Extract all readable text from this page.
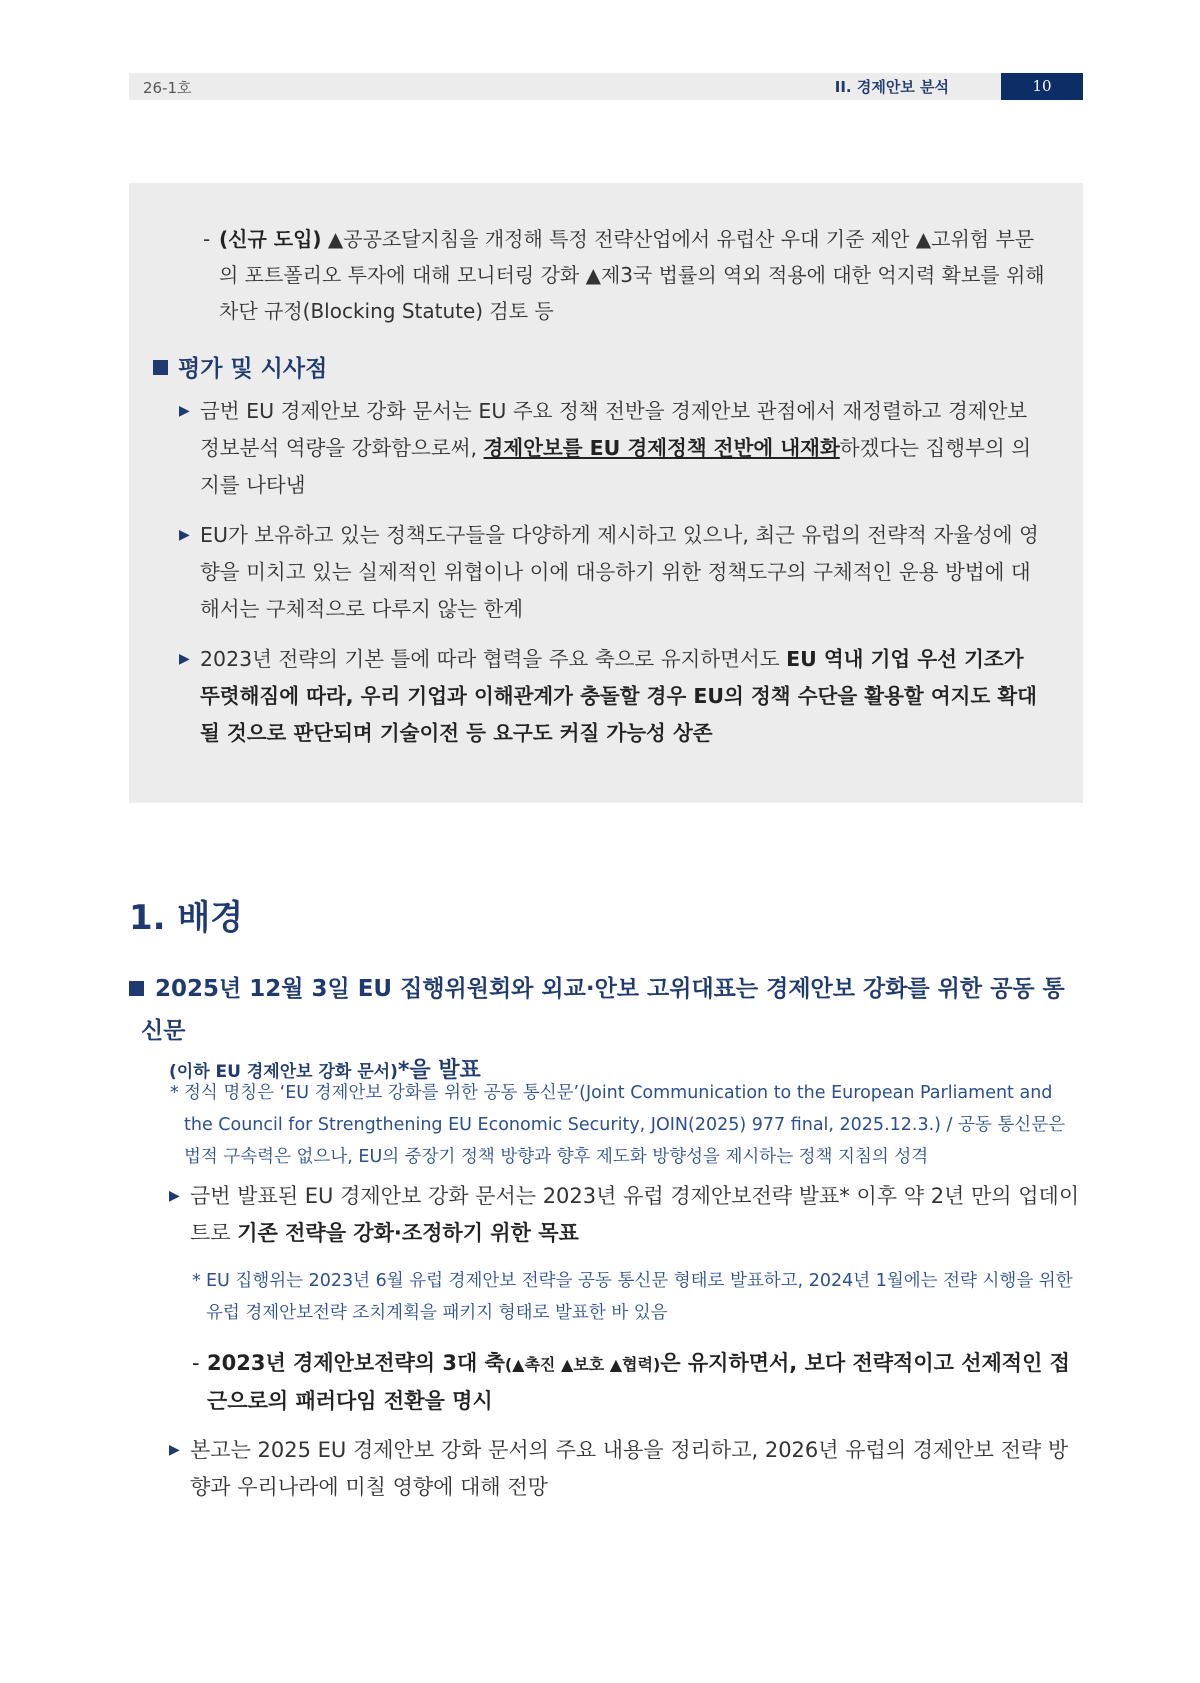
26-1호	II. 경제안보 분석	10
- (신규 도입) ▲공공조달지침을 개정해 특정 전략산업에서 유럽산 우대 기준 제안 ▲고위험 부문의 포트폴리오 투자에 대해 모니터링 강화 ▲제3국 법률의 역외 적용에 대한 억지력 확보를 위해 차단 규정(Blocking Statute) 검토 등
평가 및 시사점
▶ 금번 EU 경제안보 강화 문서는 EU 주요 정책 전반을 경제안보 관점에서 재정렬하고 경제안보 정보분석 역량을 강화함으로써, 경제안보를 EU 경제정책 전반에 내재화하겠다는 집행부의 의지를 나타냄
▶ EU가 보유하고 있는 정책도구들을 다양하게 제시하고 있으나, 최근 유럽의 전략적 자율성에 영향을 미치고 있는 실제적인 위협이나 이에 대응하기 위한 정책도구의 구체적인 운용 방법에 대해서는 구체적으로 다루지 않는 한계
▶ 2023년 전략의 기본 틀에 따라 협력을 주요 축으로 유지하면서도 EU 역내 기업 우선 기조가 뚜렷해짐에 따라, 우리 기업과 이해관계가 충돌할 경우 EU의 정책 수단을 활용할 여지도 확대될 것으로 판단되며 기술이전 등 요구도 커질 가능성 상존
1. 배경
2025년 12월 3일 EU 집행위원회와 외교·안보 고위대표는 경제안보 강화를 위한 공동 통신문
(이하 EU 경제안보 강화 문서)*을 발표
* 정식 명칭은 ‘EU 경제안보 강화를 위한 공동 통신문’(Joint Communication to the European Parliament and the Council for Strengthening EU Economic Security, JOIN(2025) 977 final, 2025.12.3.) / 공동 통신문은 법적 구속력은 없으나, EU의 중장기 정책 방향과 향후 제도화 방향성을 제시하는 정책 지침의 성격
▶ 금번 발표된 EU 경제안보 강화 문서는 2023년 유럽 경제안보전략 발표* 이후 약 2년 만의 업데이트로 기존 전략을 강화·조정하기 위한 목표
* EU 집행위는 2023년 6월 유럽 경제안보 전략을 공동 통신문 형태로 발표하고, 2024년 1월에는 전략 시행을 위한 유럽 경제안보전략 조치계획을 패키지 형태로 발표한 바 있음
- 2023년 경제안보전략의 3대 축(▲촉진 ▲보호 ▲협력)은 유지하면서, 보다 전략적이고 선제적인 접근으로의 패러다임 전환을 명시
▶ 본고는 2025 EU 경제안보 강화 문서의 주요 내용을 정리하고, 2026년 유럽의 경제안보 전략 방향과 우리나라에 미칠 영향에 대해 전망
